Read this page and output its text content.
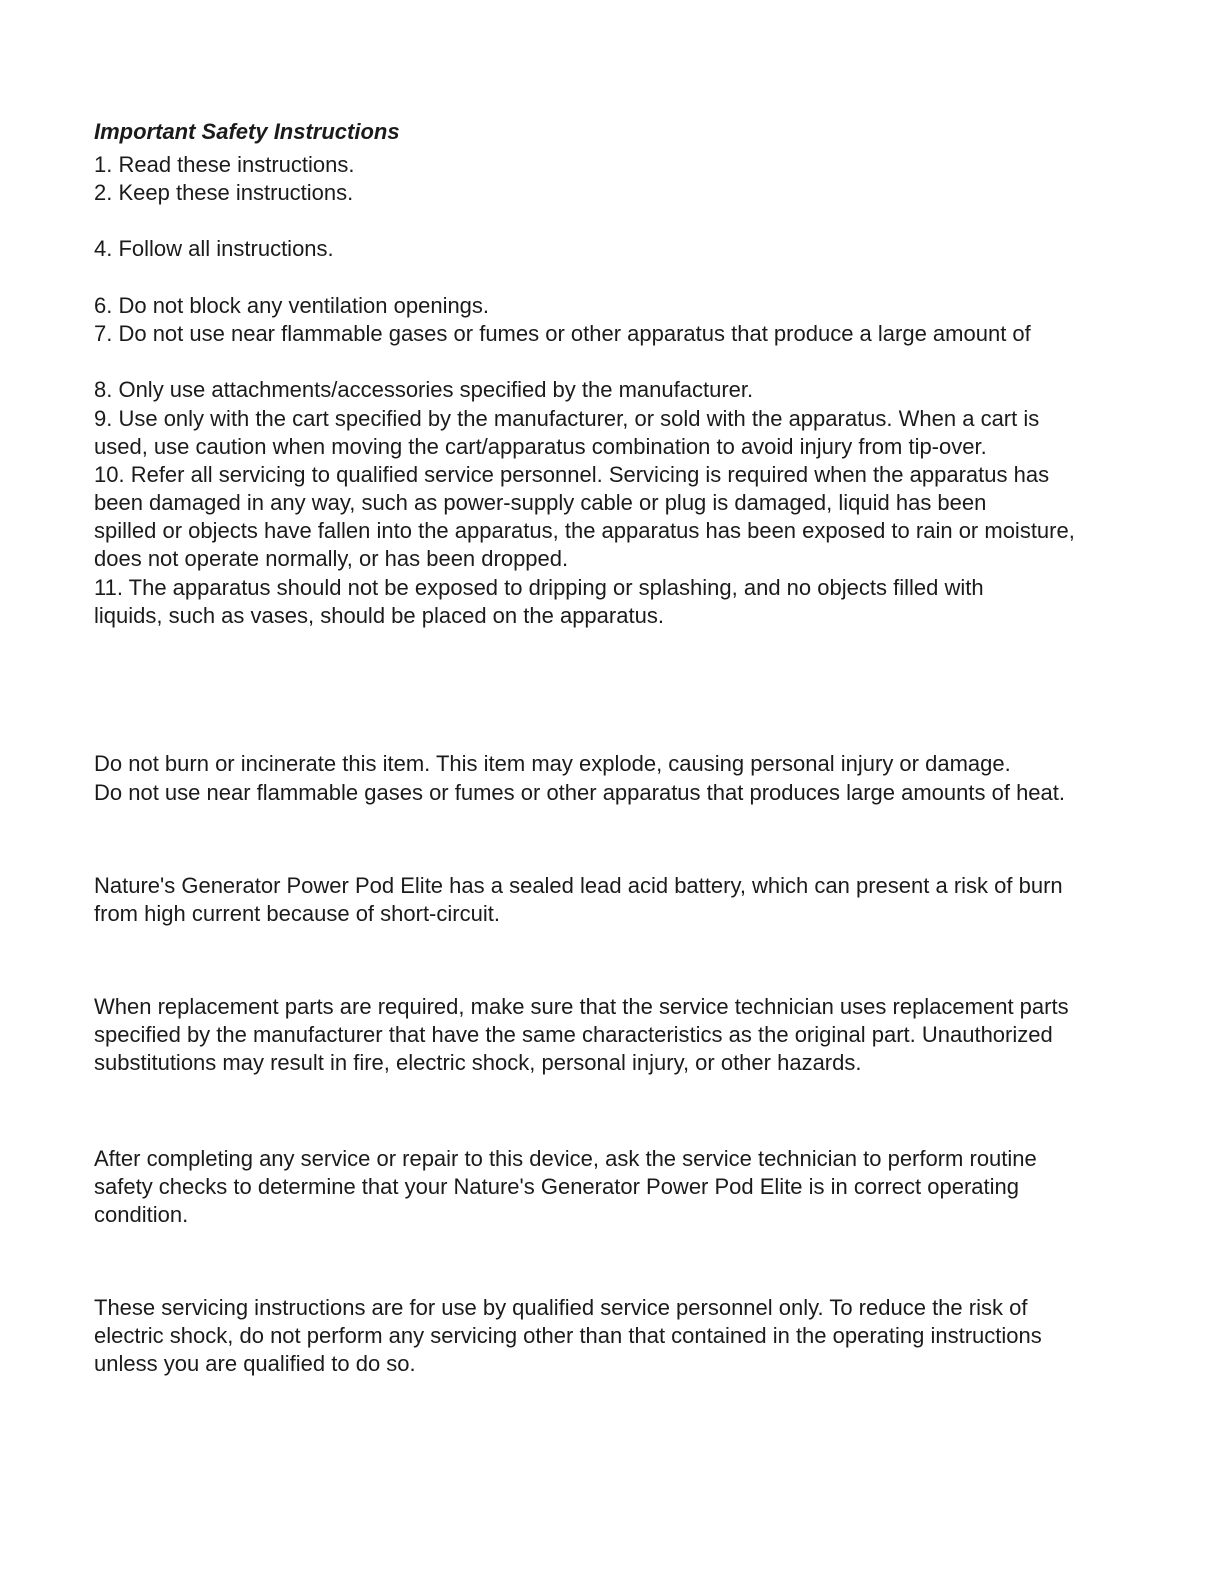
Important Safety Instructions

1. Read these instructions.

2. Keep these instructions.

4. Follow all instructions.

6. Do not block any ventilation openings.

7. Do not use near flammable gases or fumes or other apparatus that produce a large amount of

8. Only use attachments/accessories specified by the manufacturer.

9. Use only with the cart specified by the manufacturer, or sold with the apparatus. When a cart is

used, use caution when moving the cart/apparatus combination to avoid injury from tip-over.

10. Refer all servicing to qualified service personnel. Servicing is required when the apparatus has

been damaged in any way, such as power-supply cable or plug is damaged, liquid has been

spilled or objects have fallen into the apparatus, the apparatus has been exposed to rain or moisture,

does not operate normally, or has been dropped.

11. The apparatus should not be exposed to dripping or splashing, and no objects filled with

liquids, such as vases, should be placed on the apparatus.

Do not burn or incinerate this item. This item may explode, causing personal injury or damage.

Do not use near flammable gases or fumes or other apparatus that produces large amounts of heat.

Nature's Generator Power Pod Elite has a sealed lead acid battery, which can present a risk of burn

from high current because of short-circuit.

When replacement parts are required, make sure that the service technician uses replacement parts

specified by the manufacturer that have the same characteristics as the original part. Unauthorized

substitutions may result in fire, electric shock, personal injury, or other hazards.

After completing any service or repair to this device, ask the service technician to perform routine

safety checks to determine that your Nature's Generator Power Pod Elite is in correct operating

condition.

These servicing instructions are for use by qualified service personnel only. To reduce the risk of

electric shock, do not perform any servicing other than that contained in the operating instructions

unless you are qualified to do so.
